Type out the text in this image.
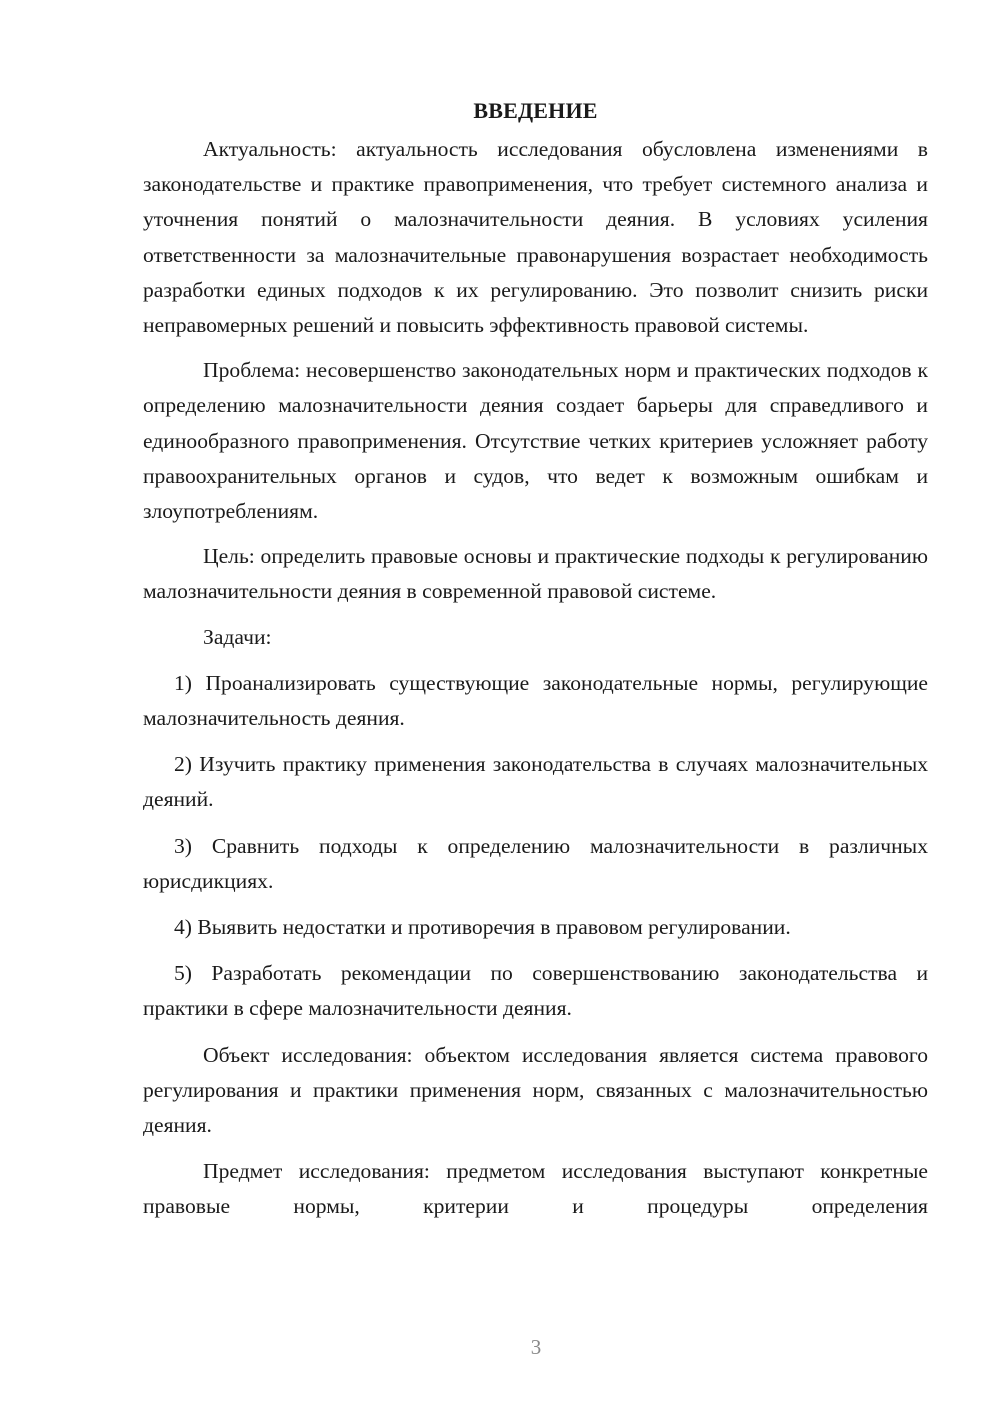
ВВЕДЕНИЕ

Актуальность: актуальность исследования обусловлена изменениями в законодательстве и практике правоприменения, что требует системного анализа и уточнения понятий о малозначительности деяния. В условиях усиления ответственности за малозначительные правонарушения возрастает необходимость разработки единых подходов к их регулированию. Это позволит снизить риски неправомерных решений и повысить эффективность правовой системы.

Проблема: несовершенство законодательных норм и практических подходов к определению малозначительности деяния создает барьеры для справедливого и единообразного правоприменения. Отсутствие четких критериев усложняет работу правоохранительных органов и судов, что ведет к возможным ошибкам и злоупотреблениям.

Цель: определить правовые основы и практические подходы к регулированию малозначительности деяния в современной правовой системе.

Задачи:

1) Проанализировать существующие законодательные нормы, регулирующие малозначительность деяния.

2) Изучить практику применения законодательства в случаях малозначительных деяний.

3) Сравнить подходы к определению малозначительности в различных юрисдикциях.

4) Выявить недостатки и противоречия в правовом регулировании.

5) Разработать рекомендации по совершенствованию законодательства и практики в сфере малозначительности деяния.

Объект исследования: объектом исследования является система правового регулирования и практики применения норм, связанных с малозначительностью деяния.

Предмет исследования: предметом исследования выступают конкретные правовые нормы, критерии и процедуры определения

3
